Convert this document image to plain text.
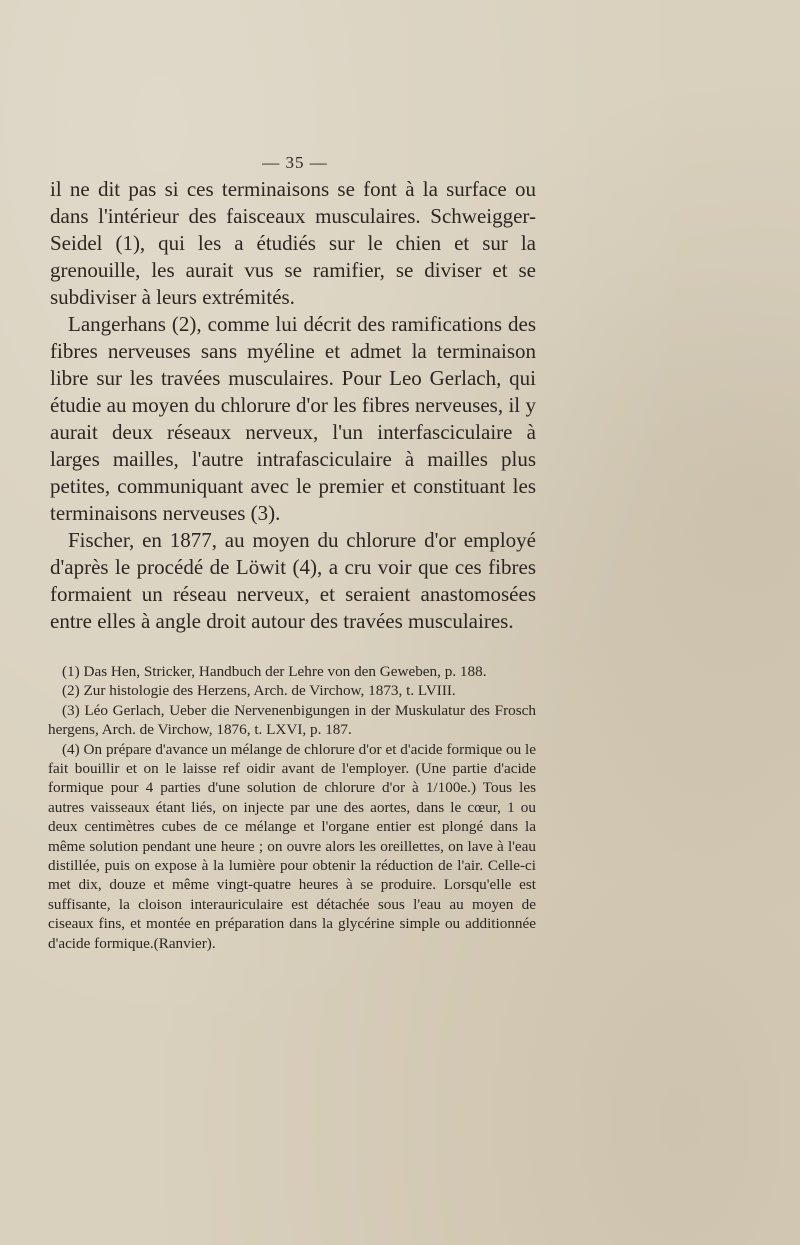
— 35 —

il ne dit pas si ces terminaisons se font à la surface ou dans l'intérieur des faisceaux musculaires. Schweigger-Seidel (1), qui les a étudiés sur le chien et sur la grenouille, les aurait vus se ramifier, se diviser et se subdiviser à leurs extrémités.

Langerhans (2), comme lui décrit des ramifications des fibres nerveuses sans myéline et admet la terminaison libre sur les travées musculaires. Pour Leo Gerlach, qui étudie au moyen du chlorure d'or les fibres nerveuses, il y aurait deux réseaux nerveux, l'un interfasciculaire à larges mailles, l'autre intrafasciculaire à mailles plus petites, communiquant avec le premier et constituant les terminaisons nerveuses (3).

Fischer, en 1877, au moyen du chlorure d'or employé d'après le procédé de Löwit (4), a cru voir que ces fibres formaient un réseau nerveux, et seraient anastomosées entre elles à angle droit autour des travées musculaires.

(1) Das Hen, Stricker, Handbuch der Lehre von den Geweben, p. 188.

(2) Zur histologie des Herzens, Arch. de Virchow, 1873, t. LVIII.

(3) Léo Gerlach, Ueber die Nervenenbigungen in der Muskulatur des Frosch hergens, Arch. de Virchow, 1876, t. LXVI, p. 187.

(4) On prépare d'avance un mélange de chlorure d'or et d'acide formique ou le fait bouillir et on le laisse ref oidir avant de l'employer. (Une partie d'acide formique pour 4 parties d'une solution de chlorure d'or à 1/100e.) Tous les autres vaisseaux étant liés, on injecte par une des aortes, dans le cœur, 1 ou deux centimètres cubes de ce mélange et l'organe entier est plongé dans la même solution pendant une heure ; on ouvre alors les oreillettes, on lave à l'eau distillée, puis on expose à la lumière pour obtenir la réduction de l'air. Celle-ci met dix, douze et même vingt-quatre heures à se produire. Lorsqu'elle est suffisante, la cloison interauriculaire est détachée sous l'eau au moyen de ciseaux fins, et montée en préparation dans la glycérine simple ou additionnée d'acide formique.(Ranvier).
